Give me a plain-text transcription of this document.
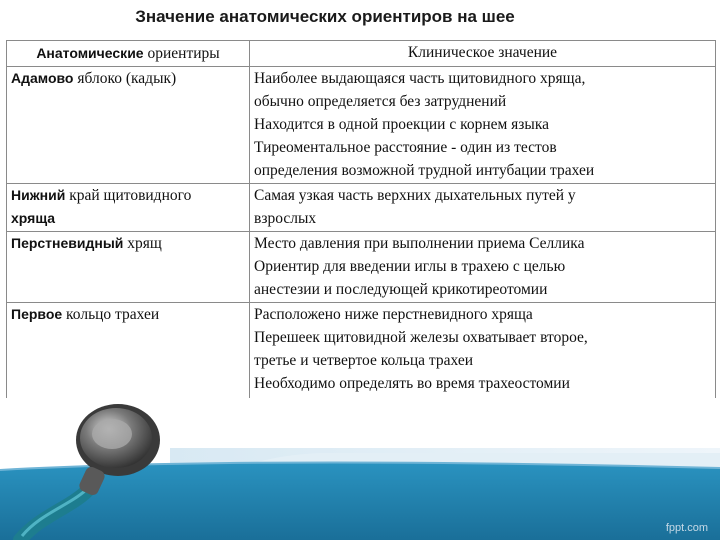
Значение анатомических ориентиров на шее
Анатомические ориентиры	Клиническое значение
Адамово яблоко (кадык)	Наиболее выдающаяся часть щитовидного хряща,
обычно определяется без затруднений
Находится в одной проекции с корнем языка
Тиреоментальное расстояние - один из тестов
определения возможной трудной интубации трахеи

Нижний край щитовидного
хряща	Самая узкая часть верхних дыхательных путей у
взрослых

Перстневидный хрящ	Место давления при выполнении приема Селлика
Ориентир для введении иглы в трахею с целью
анестезии и последующей крикотиреотомии

Первое кольцо трахеи	Расположено ниже перстневидного хряща
Перешеек щитовидной железы охватывает второе,
третье и четвертое кольца трахеи
Необходимо определять во время трахеостомии
fppt.com
